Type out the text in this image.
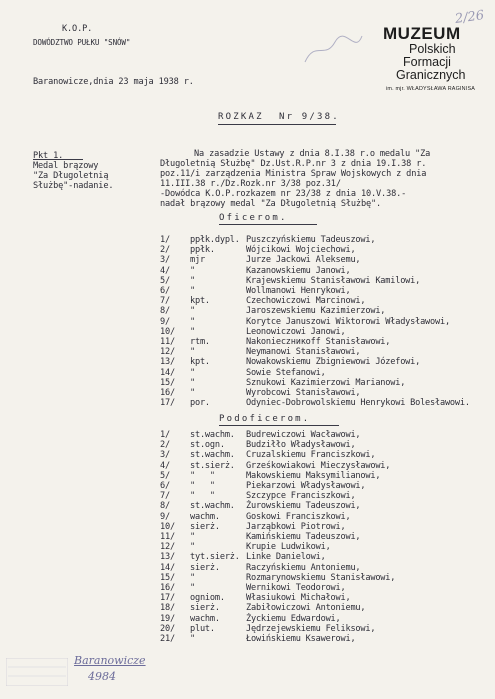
K.O.P.
DOWÓDZTWO PUŁKU "SNÓW"
Baranowicze,dnia 23 maja 1938 r.
MUZEUM
Polskich
Formacji
Granicznych
im. mjr. WŁADYSŁAWA RAGINISA
2/26
ROZKAZ  Nr 9/38.
Pkt 1.
Medal brązowy
"Za Długoletnią
Służbę"-nadanie.
Na zasadzie Ustawy z dnia 8.I.38 r.o medalu "Za
Długoletnią Służbę" Dz.Ust.R.P.nr 3 z dnia 19.I.38 r.
poz.11/i zarządzenia Ministra Spraw Wojskowych z dnia
11.III.38 r./Dz.Rozk.nr 3/38 poz.31/
-Dowódca K.O.P.rozkazem nr 23/38 z dnia 10.V.38.-
nadał brązowy medal "Za Długoletnią Służbę".
Oficerom.
1/ ppłk.dypl. Puszczyńskiemu Tadeuszowi,
2/ ppłk.	Wójcikowi Wojciechowi,
3/ mjr	Jurze Jackowi Aleksemu,
4/ "	Kazanowskiemu Janowi,
5/ "	Krajewskiemu Stanisławowi Kamilowi,
6/ "	Wollmanowi Henrykowi,
7/ kpt.	Czechowiczowi Marcinowi,
8/ "	Jaroszewskiemu Kazimierzowi,
9/ "	Korytce Januszowi Wiktorowi Władysławowi,
10/ "	Leonowiczowi Janowi,
11/ rtm.	Nakonieczникoff Stanisławowi,
12/ "	Neymanowi Stanisławowi,
13/ kpt.	Nowakowskiemu Zbigniewowi Józefowi,
14/ "	Sowie Stefanowi,
15/ "	Sznukowi Kazimierzowi Marianowi,
16/ "	Wyrobcowi Stanisławowi,
17/ por.	Odyniec-Dobrowolskiemu Henrykowi Bolesławowi.
Podoficerom.
1/ st.wachm. Budrewiczowi Wacławowi,
2/ st.ogn. Budziłło Władysławowi,
3/ st.wachm. Cruzalskiemu Franciszkowi,
4/ st.sierż. Grześkowiakowi Mieczysławowi,
5/ "   "	Makowskiemu Maksymilianowi,
6/ "   "	Piekarzowi Władysławowi,
7/ "   "	Szczypce Franciszkowi,
8/ st.wachm. Żurowskiemu Tadeuszowi,
9/ wachm.	Goskowi Franciszkowi,
10/ sierż.	Jarząbkowi Piotrowi,
11/ "	Kamińskiemu Tadeuszowi,
12/ "	Krupie Ludwikowi,
13/ tyt.sierż. Linke Danielowi,
14/ sierż.	Raczyńskiemu Antoniemu,
15/ "	Rozmarynowskiemu Stanisławowi,
16/ "	Wernikowi Teodorowi,
17/ ogniom. Własiukowi Michałowi,
18/ sierż.	Zabiłowiczowi Antoniemu,
19/ wachm.	Życkiemu Edwardowi,
20/ plut.	Jędrzejewskiemu Feliksowi,
21/ "	Łowińskiemu Ksawerowi,
Baranowicze
4984
